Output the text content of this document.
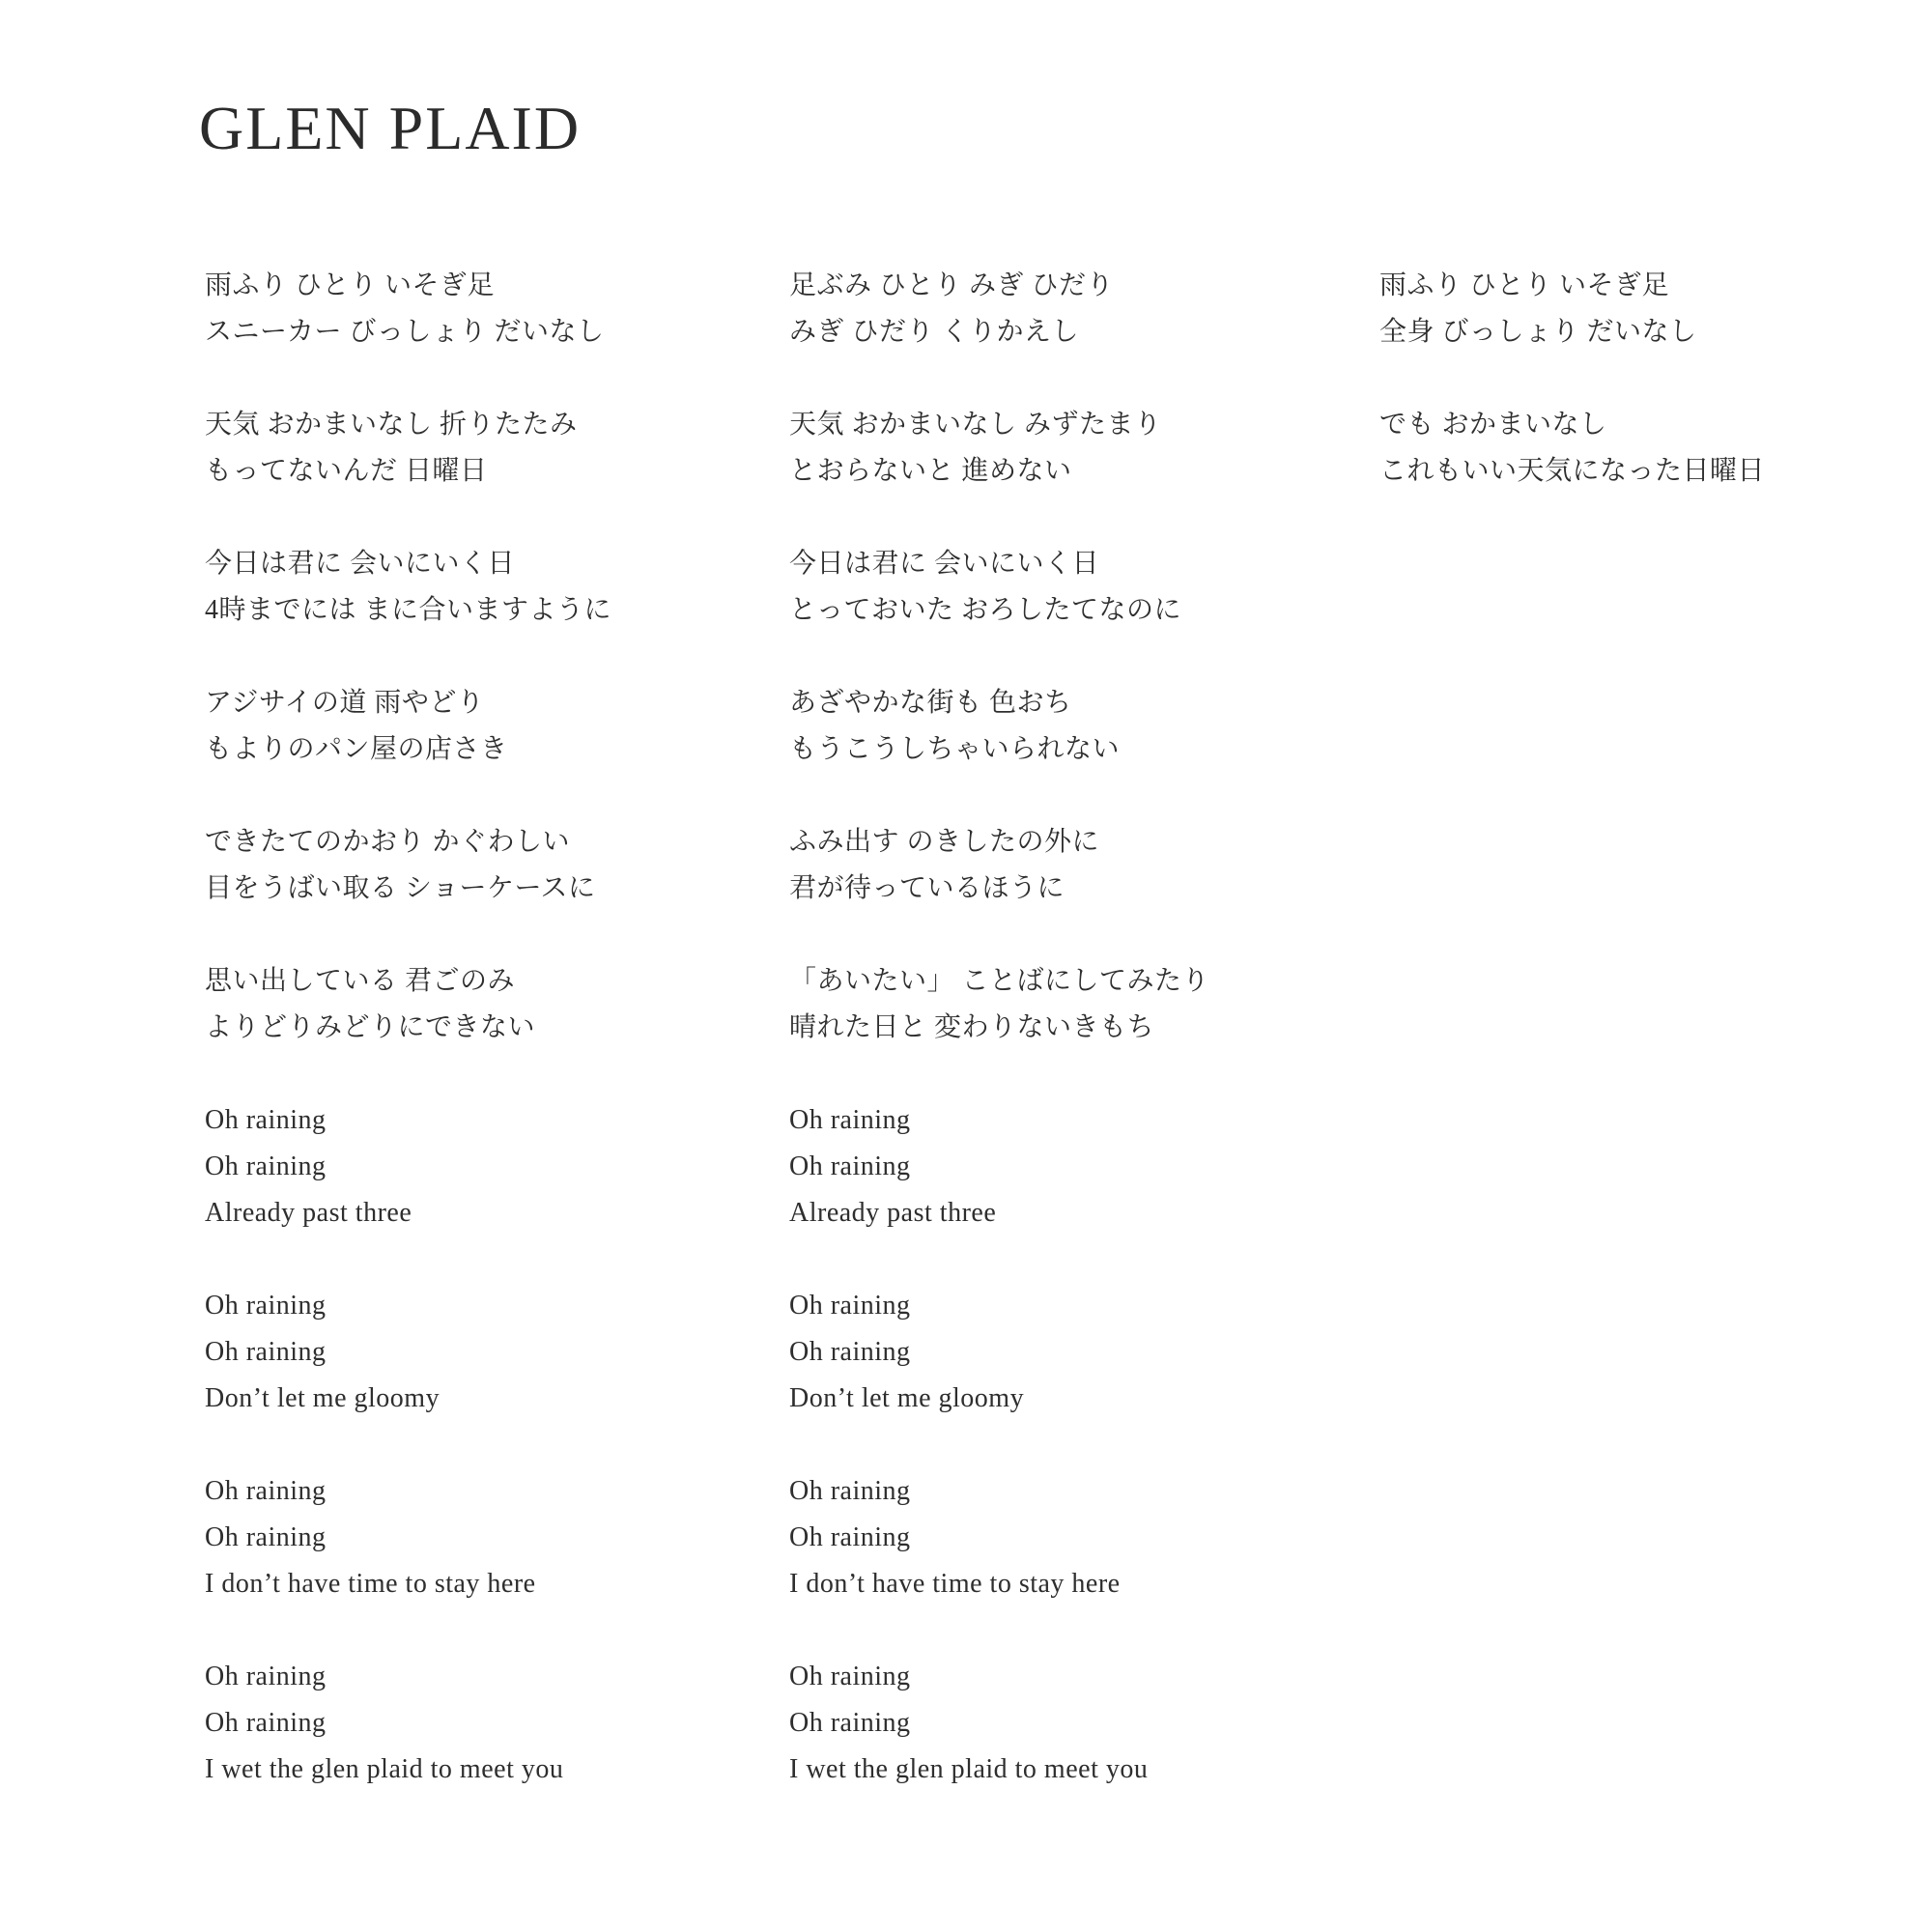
GLEN PLAID
雨ふり ひとり いそぎ足
スニーカー びっしょり だいなし
天気 おかまいなし 折りたたみ
もってないんだ 日曜日
今日は君に 会いにいく日
4時までには まに合いますように
アジサイの道 雨やどり
もよりのパン屋の店さき
できたてのかおり かぐわしい
目をうばい取る ショーケースに
思い出している 君ごのみ
よりどりみどりにできない
Oh raining
Oh raining
Already past three
Oh raining
Oh raining
Don’t let me gloomy
Oh raining
Oh raining
I don’t have time to stay here
Oh raining
Oh raining
I wet the glen plaid to meet you
足ぶみ ひとり みぎ ひだり
みぎ ひだり くりかえし
天気 おかまいなし みずたまり
とおらないと 進めない
今日は君に 会いにいく日
とっておいた おろしたてなのに
あざやかな街も 色おち
もうこうしちゃいられない
ふみ出す のきしたの外に
君が待っているほうに
「あいたい」 ことばにしてみたり
晴れた日と 変わりないきもち
Oh raining
Oh raining
Already past three
Oh raining
Oh raining
Don’t let me gloomy
Oh raining
Oh raining
I don’t have time to stay here
Oh raining
Oh raining
I wet the glen plaid to meet you
雨ふり ひとり いそぎ足
全身 びっしょり だいなし
でも おかまいなし
これもいい天気になった日曜日
